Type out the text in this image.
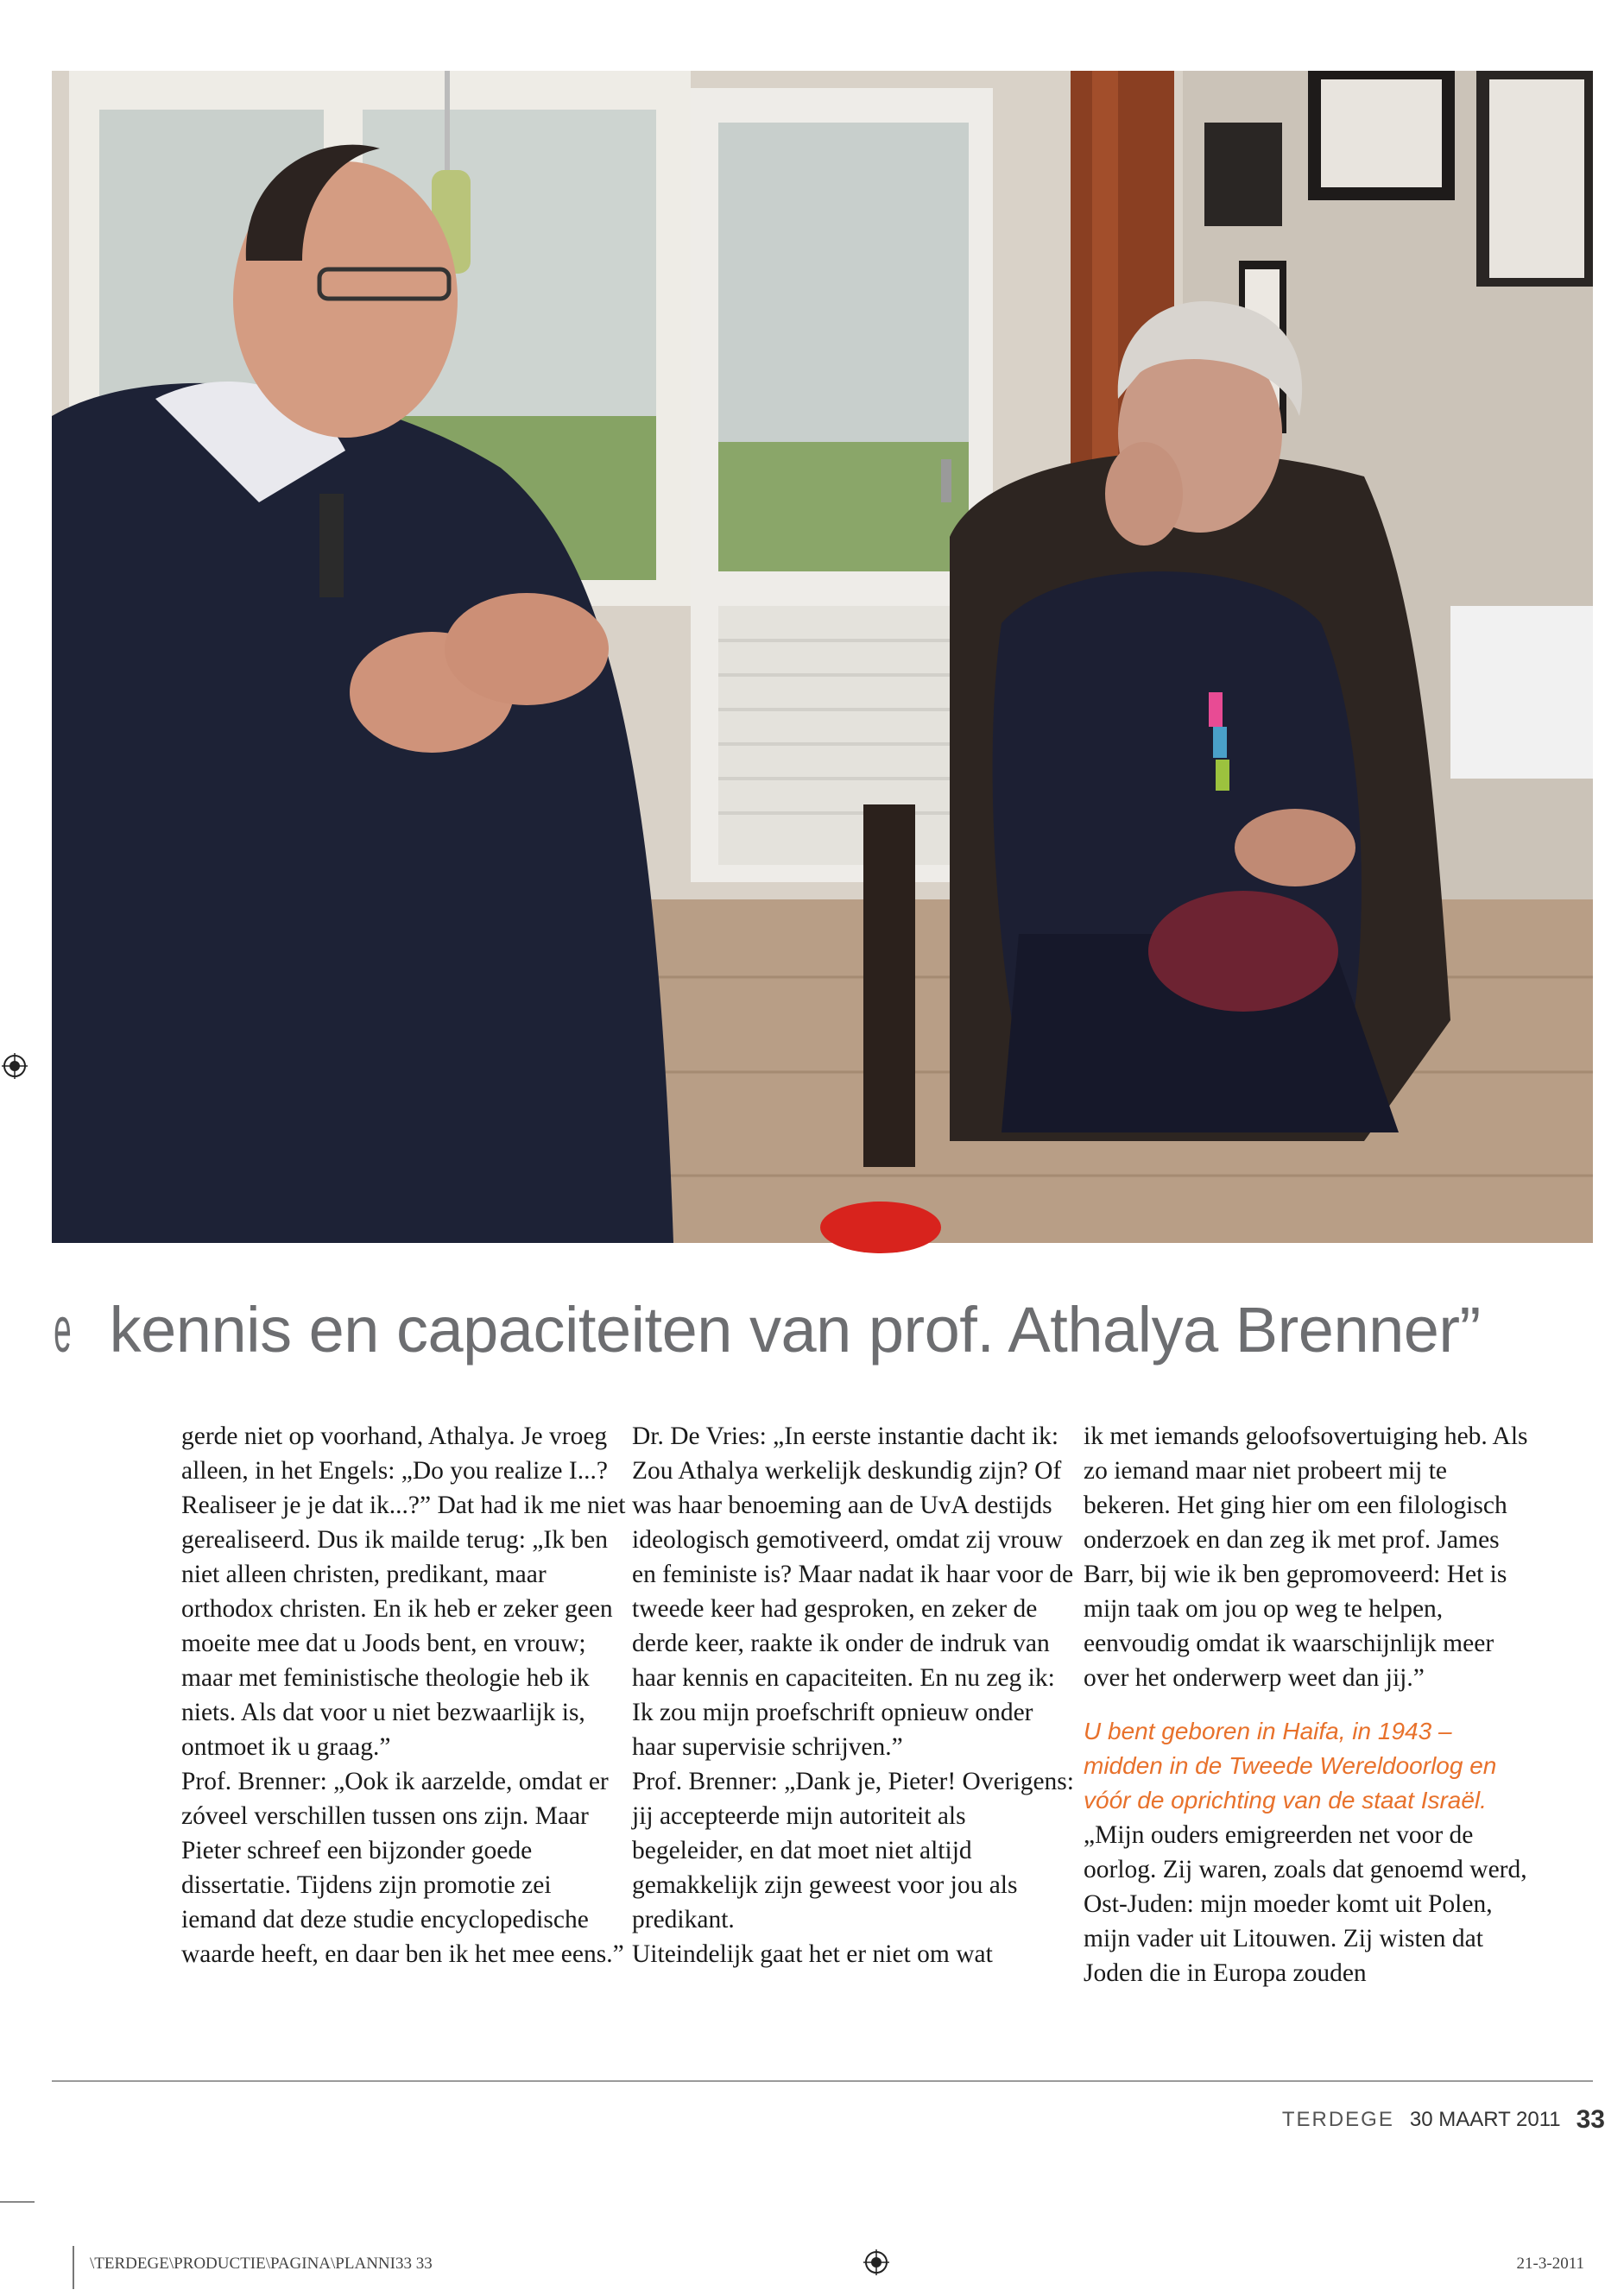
e kennis en capaciteiten van prof. Athalya Brenner”

gerde niet op voorhand, Athalya. Je vroeg alleen, in het Engels: „Do you realize I...? Realiseer je je dat ik...?” Dat had ik me niet gerealiseerd. Dus ik mailde terug: „Ik ben niet alleen christen, predikant, maar orthodox christen. En ik heb er zeker geen moeite mee dat u Joods bent, en vrouw; maar met feministische theologie heb ik niets. Als dat voor u niet bezwaarlijk is, ontmoet ik u graag.”

Prof. Brenner: „Ook ik aarzelde, omdat er zóveel verschillen tussen ons zijn. Maar Pieter schreef een bijzonder goede dissertatie. Tijdens zijn promotie zei iemand dat deze studie encyclopedische waarde heeft, en daar ben ik het mee eens.”

Dr. De Vries: „In eerste instantie dacht ik: Zou Athalya werkelijk deskundig zijn? Of was haar benoeming aan de UvA destijds ideologisch gemotiveerd, omdat zij vrouw en feministe is? Maar nadat ik haar voor de tweede keer had gesproken, en zeker de derde keer, raakte ik onder de indruk van haar kennis en capaciteiten. En nu zeg ik: Ik zou mijn proefschrift opnieuw onder haar supervisie schrijven.”

Prof. Brenner: „Dank je, Pieter! Overigens: jij accepteerde mijn autoriteit als begeleider, en dat moet niet altijd gemakkelijk zijn geweest voor jou als predikant.

Uiteindelijk gaat het er niet om wat

ik met iemands geloofsovertuiging heb. Als zo iemand maar niet probeert mij te bekeren. Het ging hier om een filologisch onderzoek en dan zeg ik met prof. James Barr, bij wie ik ben gepromoveerd: Het is mijn taak om jou op weg te helpen, eenvoudig omdat ik waarschijnlijk meer over het onderwerp weet dan jij.”

U bent geboren in Haifa, in 1943 – midden in de Tweede Wereldoorlog en vóór de oprichting van de staat Israël.

„Mijn ouders emigreerden net voor de oorlog. Zij waren, zoals dat genoemd werd, Ost-Juden: mijn moeder komt uit Polen, mijn vader uit Litouwen. Zij wisten dat Joden die in Europa zouden

TERDEGE 30 MAART 2011 33
\TERDEGE\PRODUCTIE\PAGINA\PLANNI33 33	21-3-2011
